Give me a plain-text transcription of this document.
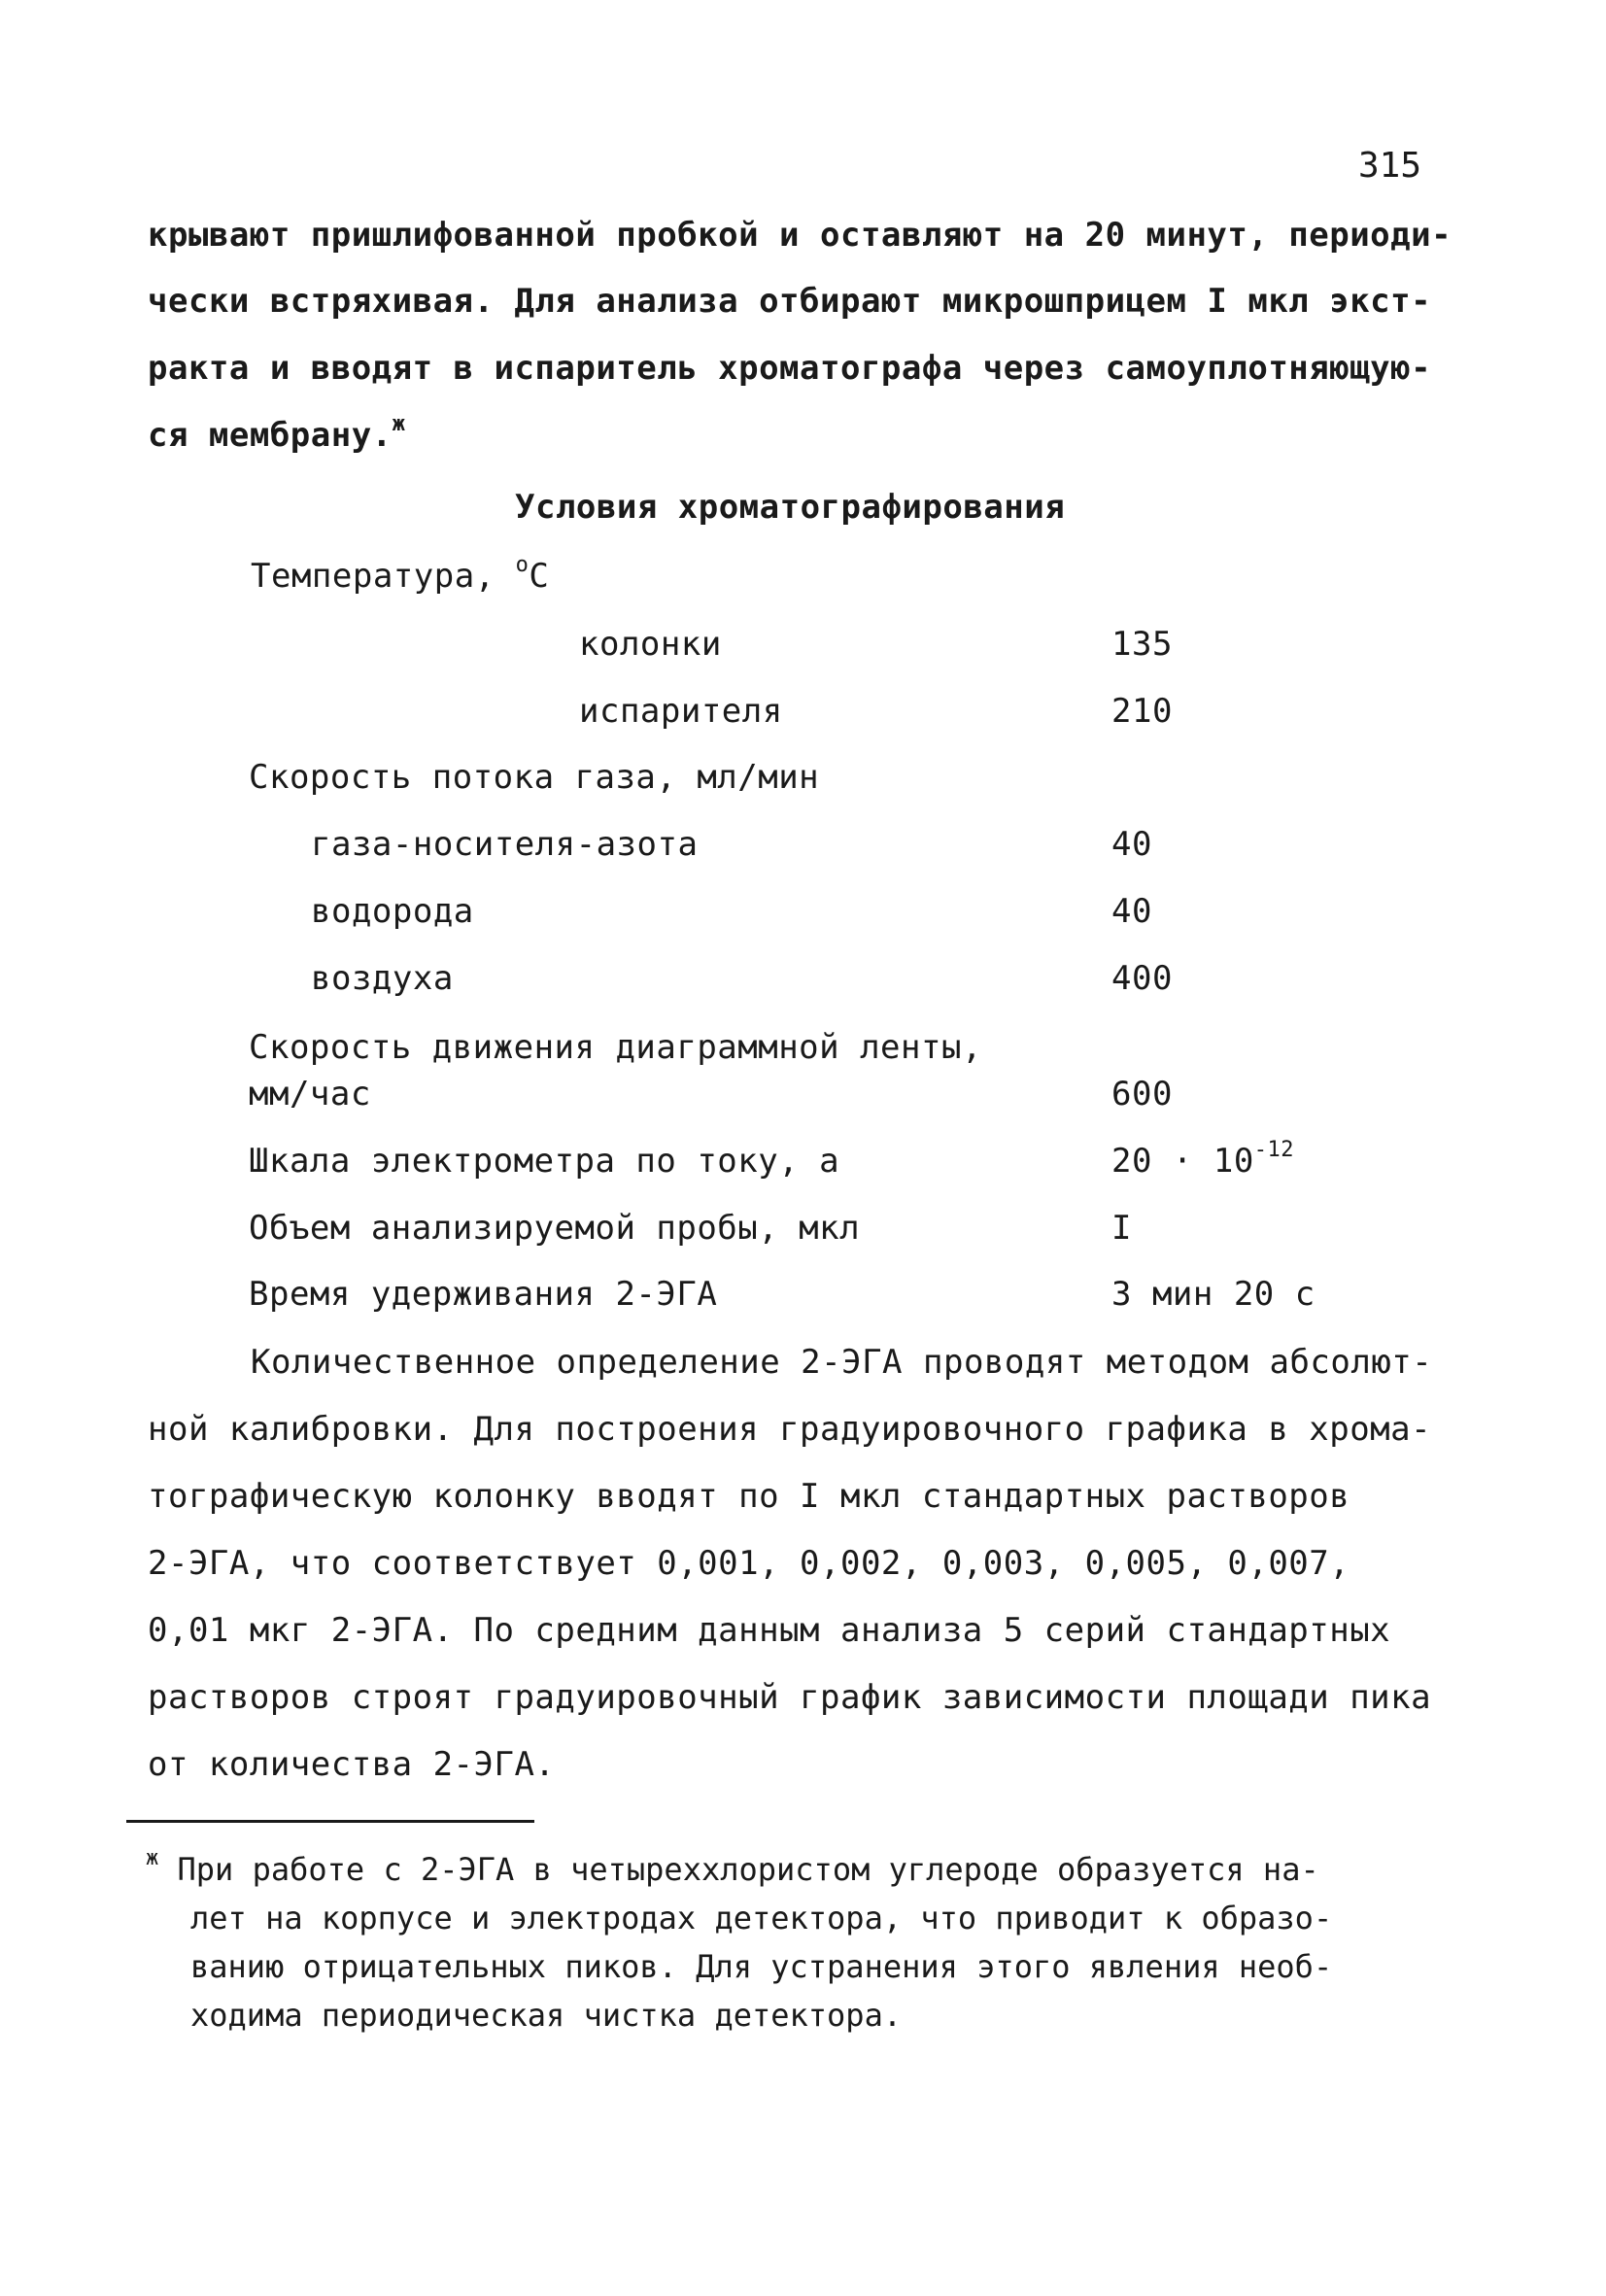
315
крывают пришлифованной пробкой и оставляют на 20 минут, периоди-
чески встряхивая. Для анализа отбирают микрошприцем I мкл экст-
ракта и вводят в испаритель хроматографа через самоуплотняющую-
ся мембрану.$^ж$
Условия хроматографирования
Температура, $^o$С
колонки	135
испарителя	210
Скорость потока газа, мл/мин
газа-носителя-азота	40
водорода	40
воздуха	400
Скорость движения диаграммной ленты,
мм/час	600
Шкала электрометра по току, а	$20 \cdot 10^{-12}$
Объем анализируемой пробы, мкл	I
Время удерживания 2-ЭГА	3 мин 20 с
Количественное определение 2-ЭГА проводят методом абсолют-
ной калибровки. Для построения градуировочного графика в хрома-
тографическую колонку вводят по I мкл стандартных растворов
2-ЭГА, что соответствует 0,001, 0,002, 0,003, 0,005, 0,007,
0,01 мкг 2-ЭГА. По средним данным анализа 5 серий стандартных
растворов строят градуировочный график зависимости площади пика
от количества 2-ЭГА.
$^ж$ При работе с 2-ЭГА в четыреххлористом углероде образуется на-
лет на корпусе и электродах детектора, что приводит к образо-
ванию отрицательных пиков. Для устранения этого явления необ-
ходима периодическая чистка детектора.
